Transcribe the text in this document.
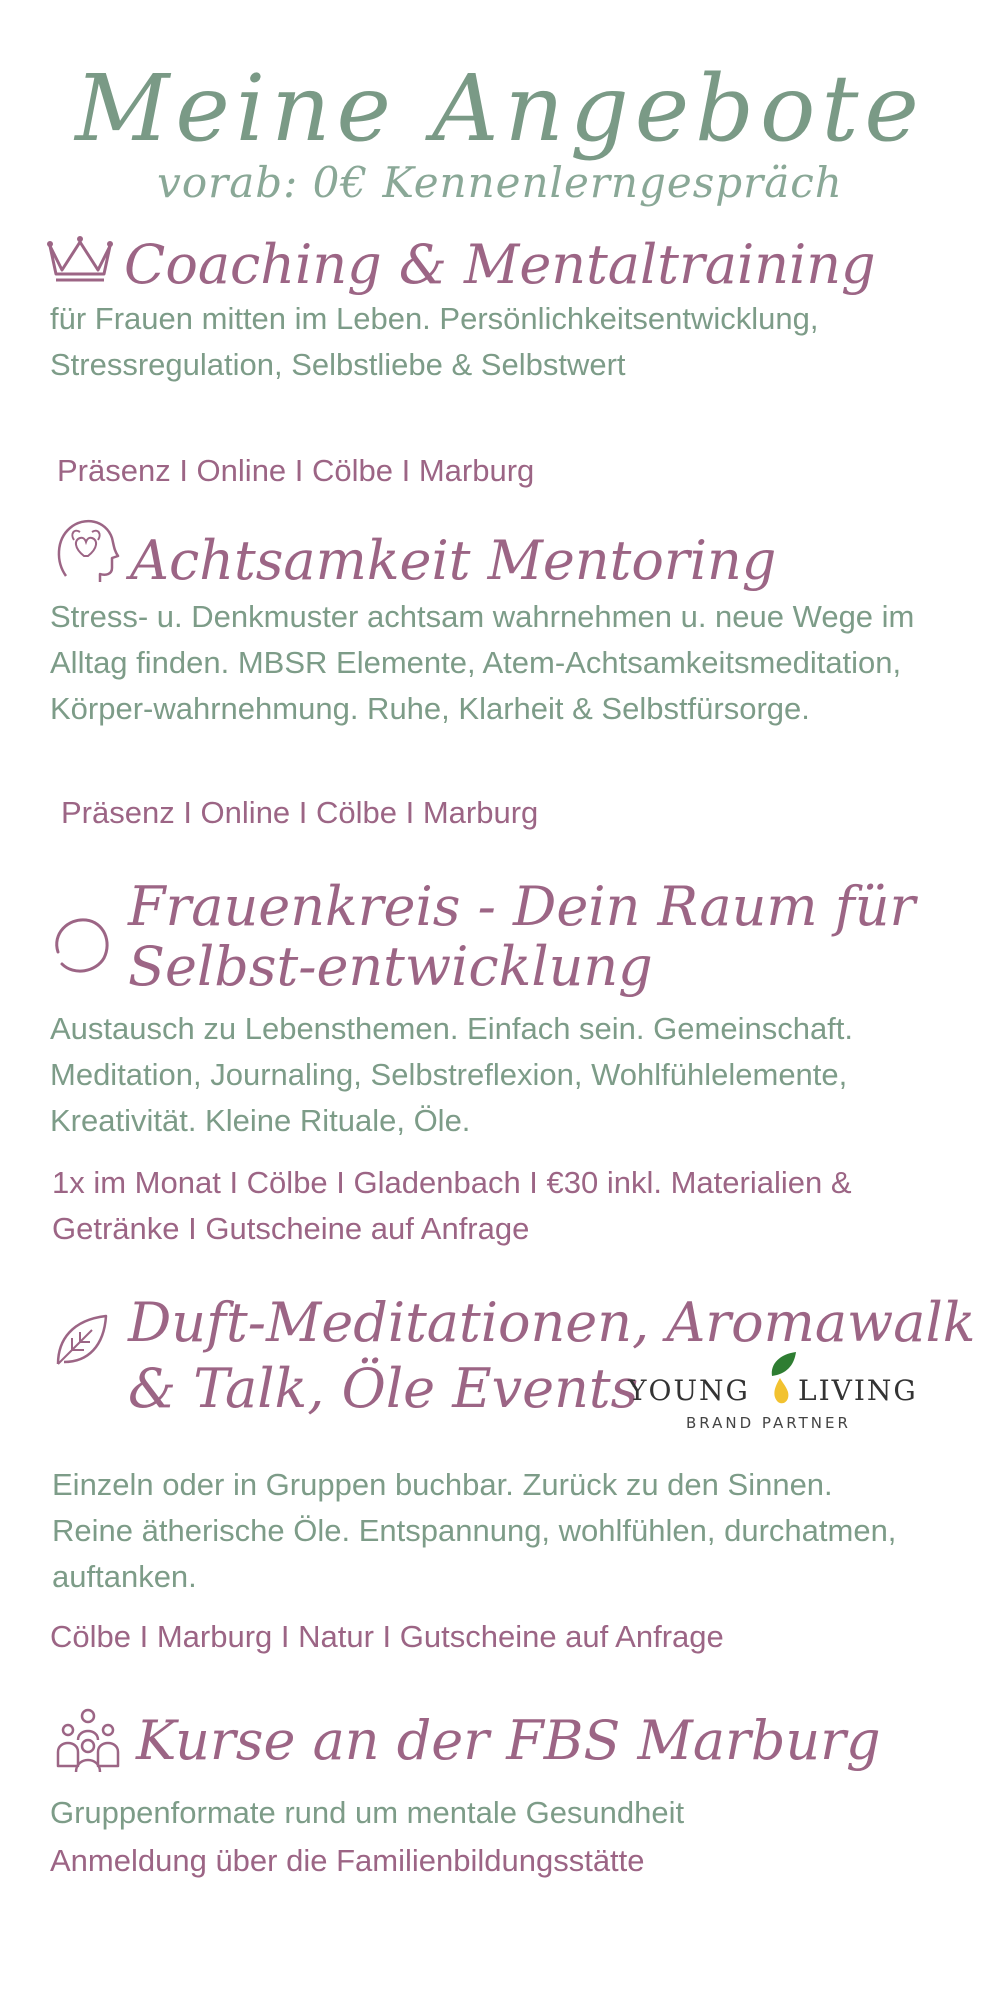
Meine Angebote
vorab: 0€ Kennenlerngespräch
Coaching & Mentaltraining
für Frauen mitten im Leben. Persönlichkeitsentwicklung, Stressregulation, Selbstliebe & Selbstwert
Präsenz I Online I Cölbe I Marburg
Achtsamkeit Mentoring
Stress- u. Denkmuster achtsam wahrnehmen u. neue Wege im Alltag finden. MBSR Elemente, Atem-Achtsamkeitsmeditation, Körper-wahrnehmung. Ruhe, Klarheit & Selbstfürsorge.
Präsenz I Online I Cölbe I Marburg
Frauenkreis - Dein Raum für
Selbst-entwicklung
Austausch zu Lebensthemen. Einfach sein. Gemeinschaft. Meditation, Journaling, Selbstreflexion, Wohlfühlelemente, Kreativität. Kleine Rituale, Öle.
1x im Monat I Cölbe I Gladenbach I €30 inkl. Materialien & Getränke I Gutscheine auf Anfrage
Duft-Meditationen, Aromawalk
& Talk, Öle Events
YOUNG LIVING
BRAND PARTNER
Einzeln oder in Gruppen buchbar. Zurück zu den Sinnen. Reine ätherische Öle. Entspannung, wohlfühlen, durchatmen, auftanken.
Cölbe I Marburg I Natur I Gutscheine auf Anfrage
Kurse an der FBS Marburg
Gruppenformate rund um mentale Gesundheit
Anmeldung über die Familienbildungsstätte
